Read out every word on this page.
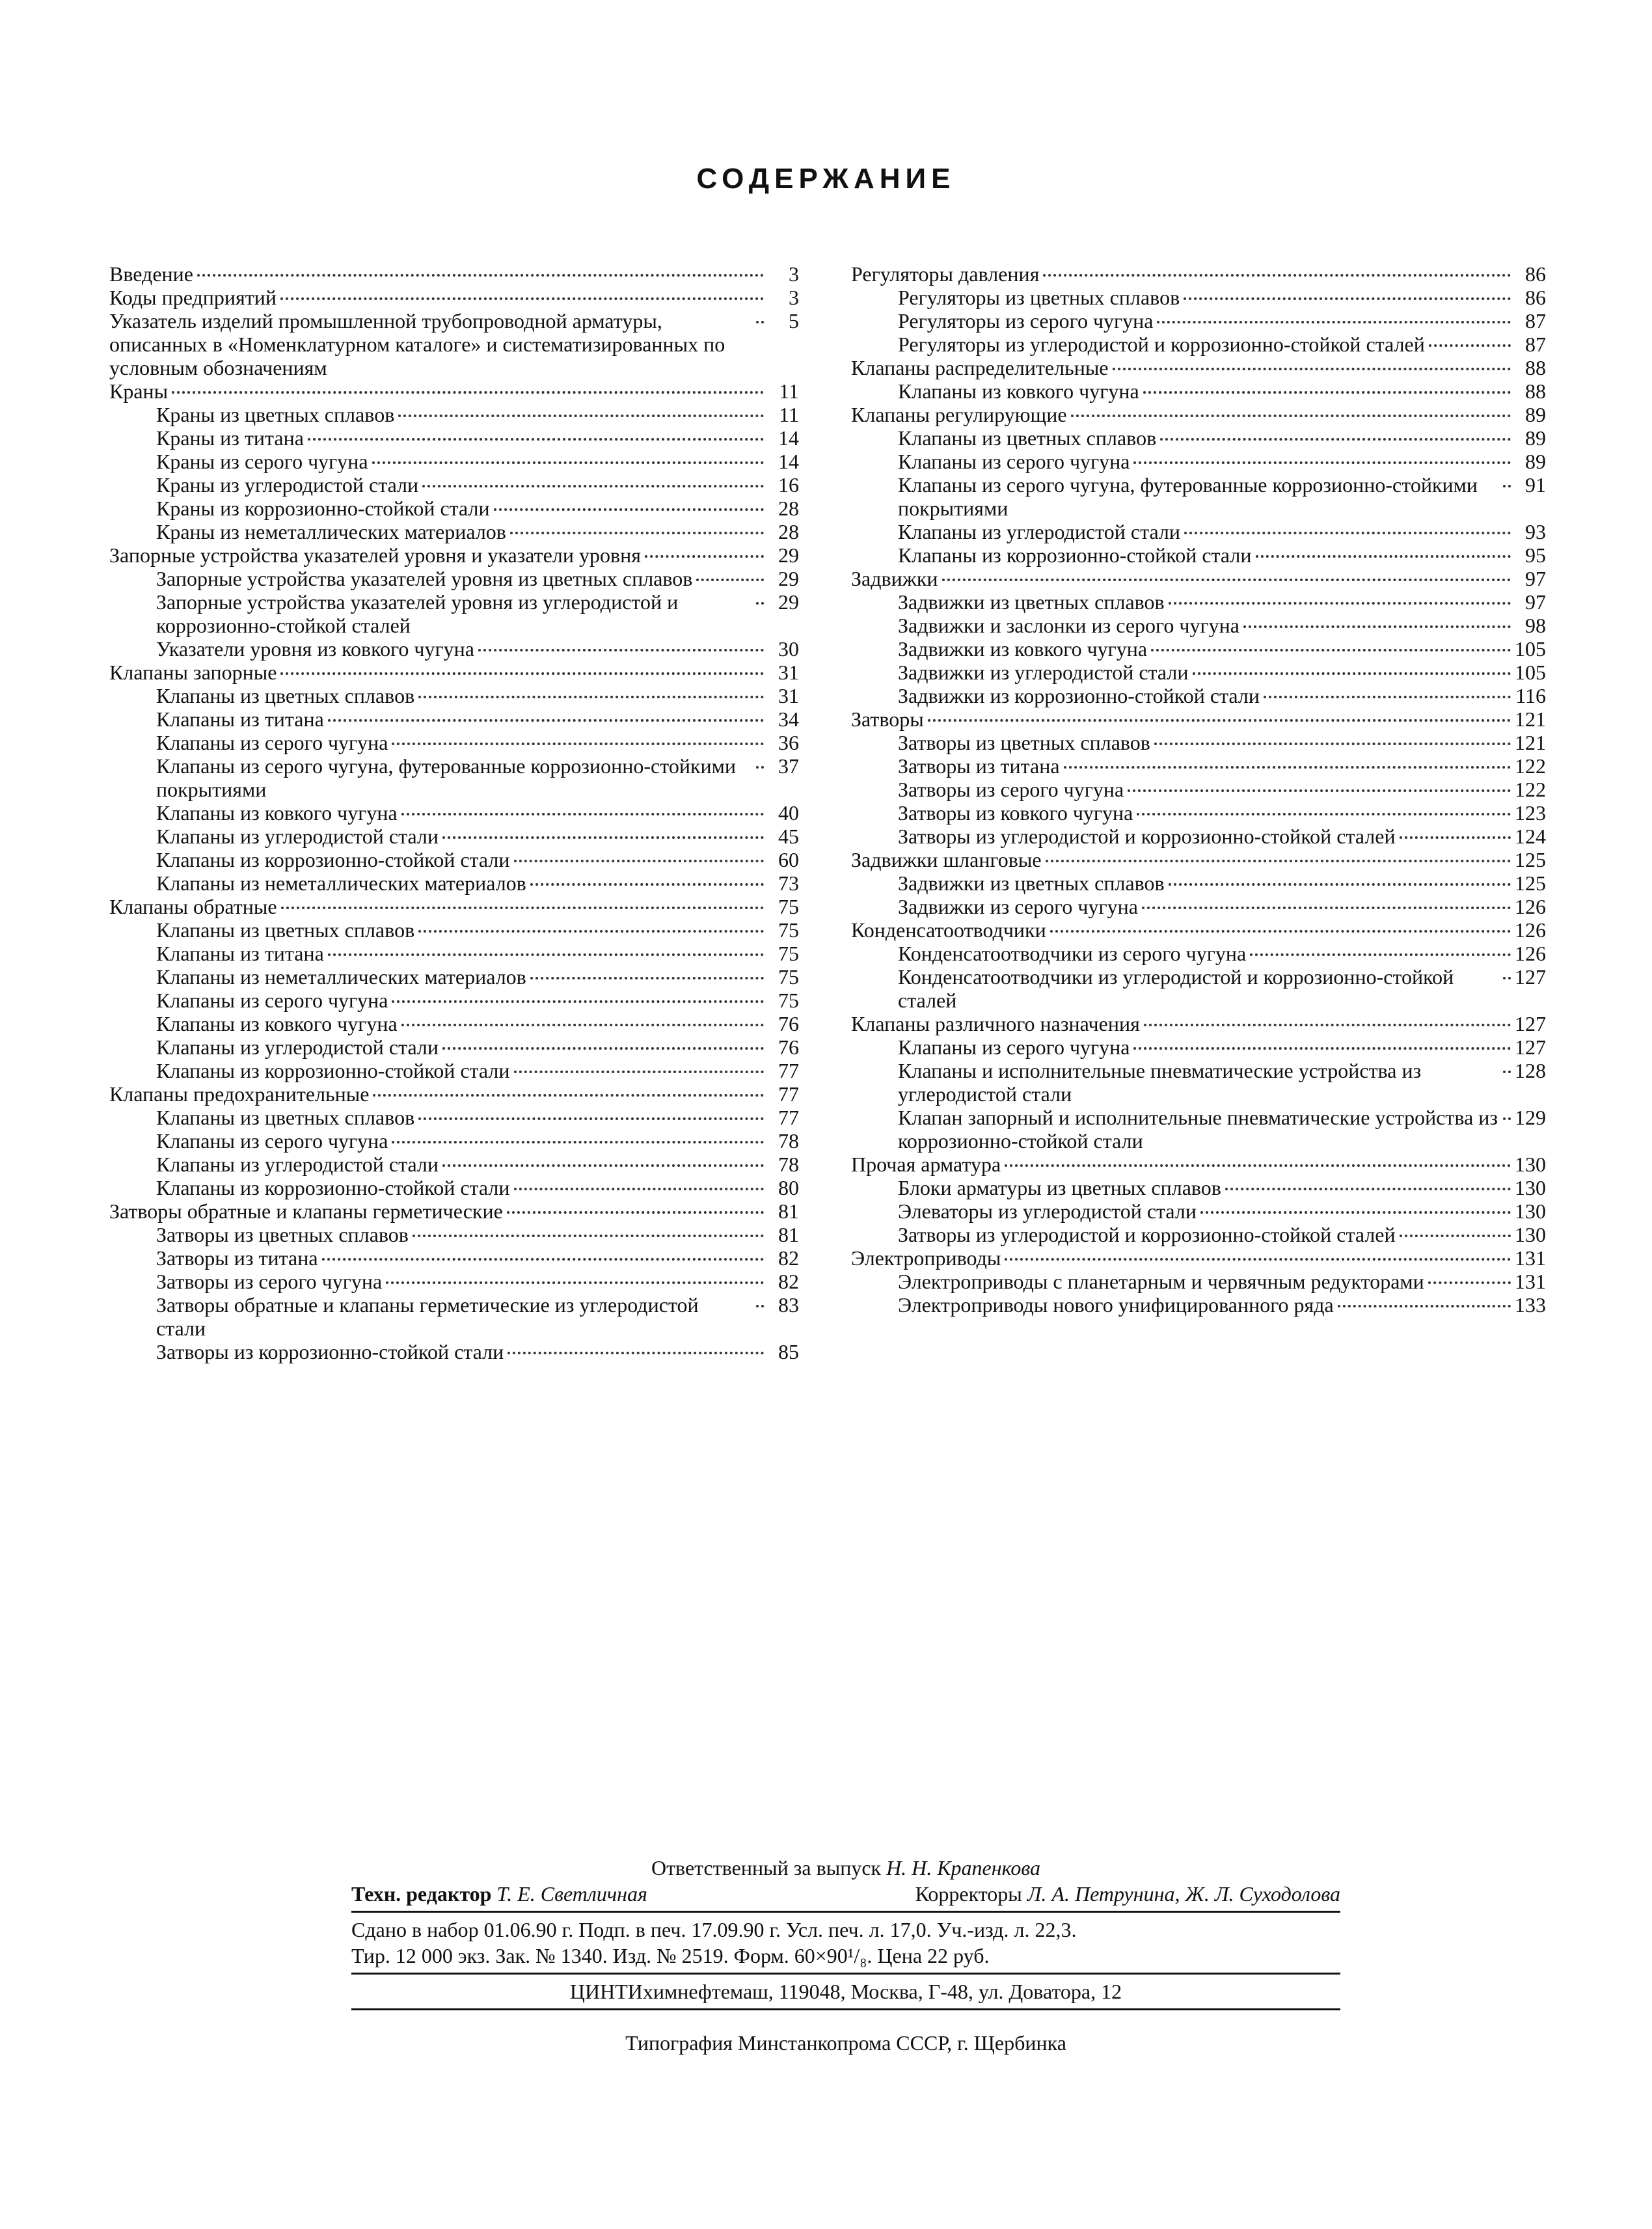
СОДЕРЖАНИЕ
Введение	3
Коды предприятий	3
Указатель изделий промышленной трубопроводной арматуры, описанных в «Номенклатурном каталоге» и систематизированных по условным обозначениям
5
Краны	11
Краны из цветных сплавов	11
Краны из титана	14
Краны из серого чугуна	14
Краны из углеродистой стали	16
Краны из коррозионно-стойкой стали	28
Краны из неметаллических материалов	28
Запорные устройства указателей уровня и указатели уровня	29
Запорные устройства указателей уровня из цветных сплавов	29
Запорные устройства указателей уровня из углеродистой и коррозионно-стойкой сталей
29
Указатели уровня из ковкого чугуна	30
Клапаны запорные	31
Клапаны из цветных сплавов	31
Клапаны из титана	34
Клапаны из серого чугуна	36
Клапаны из серого чугуна, футерованные коррозионно-стойкими покрытиями
37
Клапаны из ковкого чугуна	40
Клапаны из углеродистой стали	45
Клапаны из коррозионно-стойкой стали	60
Клапаны из неметаллических материалов	73
Клапаны обратные	75
Клапаны из цветных сплавов	75
Клапаны из титана	75
Клапаны из неметаллических материалов	75
Клапаны из серого чугуна	75
Клапаны из ковкого чугуна	76
Клапаны из углеродистой стали	76
Клапаны из коррозионно-стойкой стали	77
Клапаны предохранительные	77
Клапаны из цветных сплавов	77
Клапаны из серого чугуна	78
Клапаны из углеродистой стали	78
Клапаны из коррозионно-стойкой стали	80
Затворы обратные и клапаны герметические	81
Затворы из цветных сплавов	81
Затворы из титана	82
Затворы из серого чугуна	82
Затворы обратные и клапаны герметические из углеродистой стали
83
Затворы из коррозионно-стойкой стали	85
Регуляторы давления	86
Регуляторы из цветных сплавов	86
Регуляторы из серого чугуна	87
Регуляторы из углеродистой и коррозионно-стойкой сталей	87
Клапаны распределительные	88
Клапаны из ковкого чугуна	88
Клапаны регулирующие	89
Клапаны из цветных сплавов	89
Клапаны из серого чугуна	89
Клапаны из серого чугуна, футерованные коррозионно-стойкими покрытиями
91
Клапаны из углеродистой стали	93
Клапаны из коррозионно-стойкой стали	95
Задвижки	97
Задвижки из цветных сплавов	97
Задвижки и заслонки из серого чугуна	98
Задвижки из ковкого чугуна	105
Задвижки из углеродистой стали	105
Задвижки из коррозионно-стойкой стали	116
Затворы	121
Затворы из цветных сплавов	121
Затворы из титана	122
Затворы из серого чугуна	122
Затворы из ковкого чугуна	123
Затворы из углеродистой и коррозионно-стойкой сталей	124
Задвижки шланговые	125
Задвижки из цветных сплавов	125
Задвижки из серого чугуна	126
Конденсатоотводчики	126
Конденсатоотводчики из серого чугуна	126
Конденсатоотводчики из углеродистой и коррозионно-стойкой сталей
127
Клапаны различного назначения	127
Клапаны из серого чугуна	127
Клапаны и исполнительные пневматические устройства из углеродистой стали
128
Клапан запорный и исполнительные пневматические устройства из коррозионно-стойкой стали
129
Прочая арматура	130
Блоки арматуры из цветных сплавов	130
Элеваторы из углеродистой стали	130
Затворы из углеродистой и коррозионно-стойкой сталей	130
Электроприводы	131
Электроприводы с планетарным и червячным редукторами	131
Электроприводы нового унифицированного ряда	133
Ответственный за выпуск Н. Н. Крапенкова
Техн. редактор Т. Е. Светличная	Корректоры Л. А. Петрунина, Ж. Л. Суходолова
Сдано в набор 01.06.90 г. Подп. в печ. 17.09.90 г. Усл. печ. л. 17,0. Уч.-изд. л. 22,3.
Тир. 12 000 экз. Зак. № 1340. Изд. № 2519. Форм. 60×90¹/₈. Цена 22 руб.
ЦИНТИхимнефтемаш, 119048, Москва, Г-48, ул. Доватора, 12
Типография Минстанкопрома СССР, г. Щербинка
